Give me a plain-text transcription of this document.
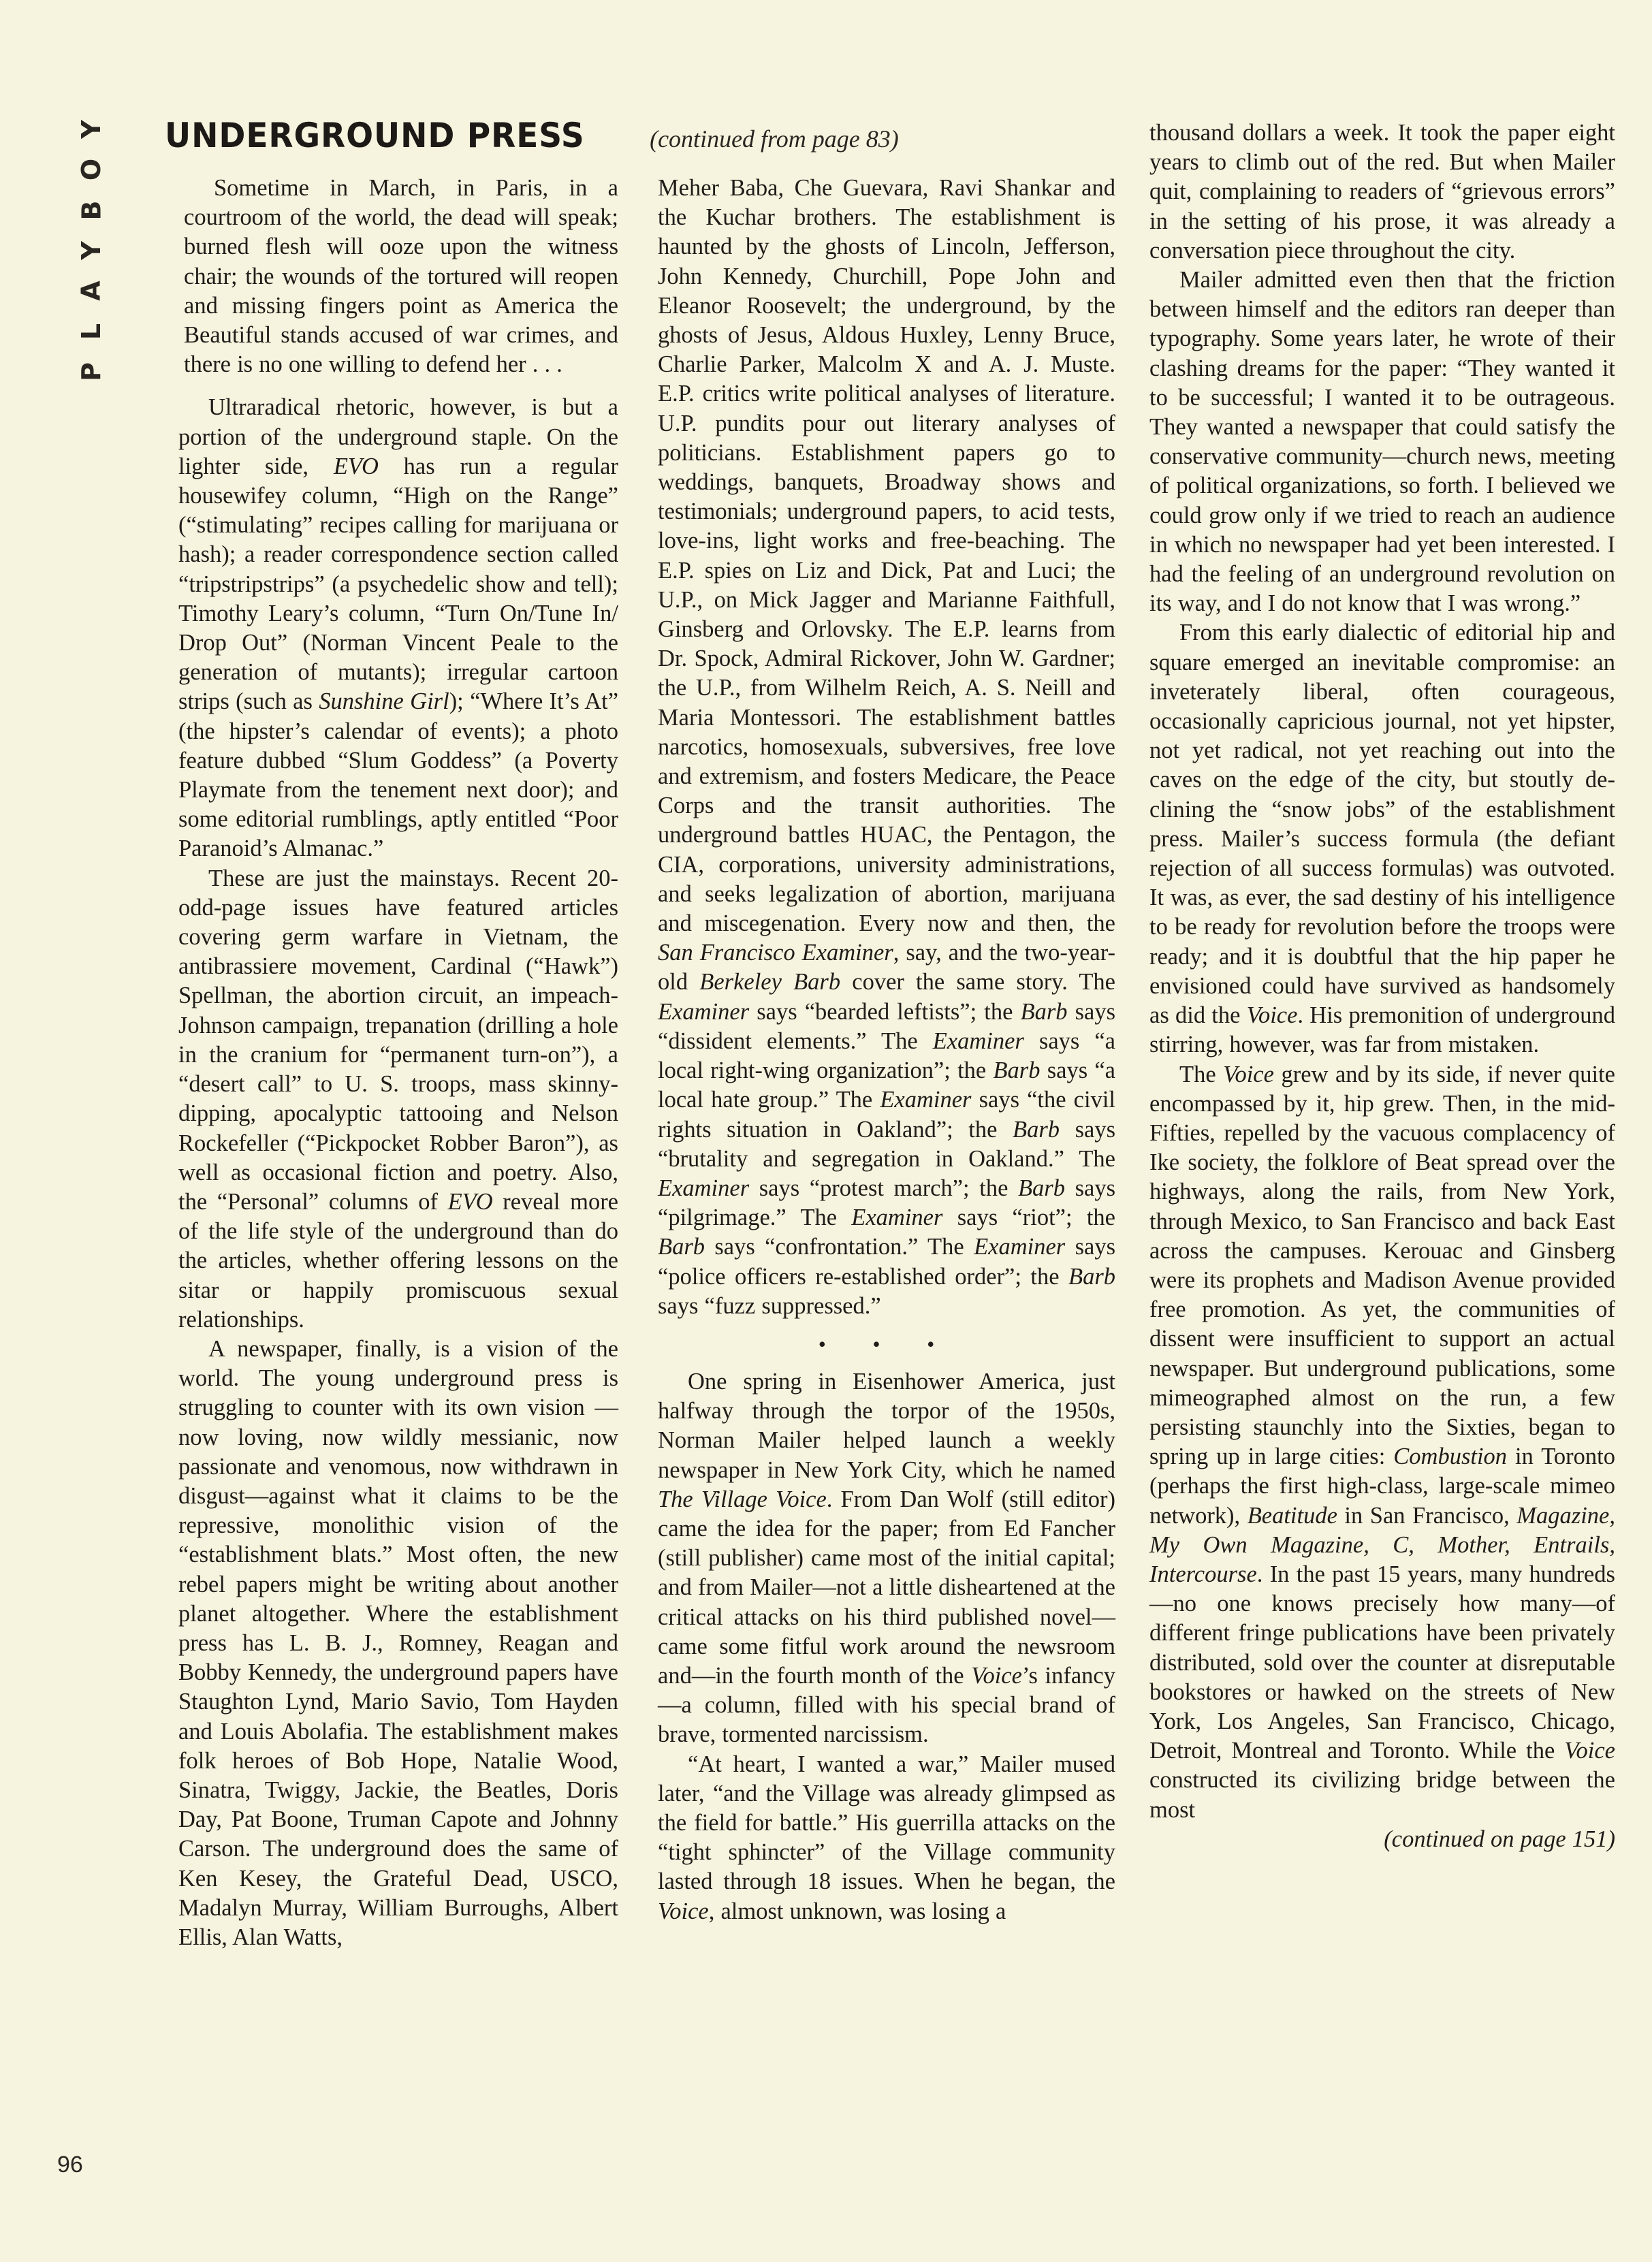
Y
O
B
Y
A
L
P
UNDERGROUND PRESS	(continued from page 83)

Sometime in March, in Paris, in a courtroom of the world, the dead will speak; burned flesh will ooze upon the witness chair; the wounds of the tortured will reopen and missing fingers point as America the Beautiful stands accused of war crimes, and there is no one willing to defend her . . .

Ultraradical rhetoric, however, is but a portion of the underground staple. On the lighter side, EVO has run a regular housewifey column, “High on the Range” (“stimulating” recipes calling for marijuana or hash); a reader correspondence section called “tripstripstrips” (a psychedelic show and tell); Timothy Leary’s column, “Turn On/Tune In/ Drop Out” (Norman Vincent Peale to the generation of mutants); irregular cartoon strips (such as Sunshine Girl); “Where It’s At” (the hipster’s calendar of events); a photo feature dubbed “Slum Goddess” (a Poverty Playmate from the tenement next door); and some editorial rumblings, aptly entitled “Poor Paranoid’s Almanac.”

These are just the mainstays. Recent 20-odd-page issues have featured articles covering germ warfare in Vietnam, the antibrassiere movement, Cardinal (“Hawk”) Spellman, the abortion circuit, an impeach-Johnson campaign, trepanation (drilling a hole in the cranium for “permanent turn-on”), a “desert call” to U. S. troops, mass skinny-dipping, apocalyptic tattooing and Nelson Rockefeller (“Pickpocket Robber Baron”), as well as occasional fiction and poetry. Also, the “Personal” columns of EVO reveal more of the life style of the underground than do the articles, whether offering lessons on the sitar or happily promiscuous sexual relationships.

A newspaper, finally, is a vision of the world. The young underground press is struggling to counter with its own vision —now loving, now wildly messianic, now passionate and venomous, now withdrawn in disgust—against what it claims to be the repressive, monolithic vision of the “establishment blats.” Most often, the new rebel papers might be writing about another planet altogether. Where the establishment press has L. B. J., Romney, Reagan and Bobby Kennedy, the underground papers have Staughton Lynd, Mario Savio, Tom Hayden and Louis Abolafia. The establishment makes folk heroes of Bob Hope, Natalie Wood, Sinatra, Twiggy, Jackie, the Beatles, Doris Day, Pat Boone, Truman Capote and Johnny Carson. The underground does the same of Ken Kesey, the Grateful Dead, USCO, Madalyn Murray, William Burroughs, Albert Ellis, Alan Watts,

Meher Baba, Che Guevara, Ravi Shankar and the Kuchar brothers. The establishment is haunted by the ghosts of Lincoln, Jefferson, John Kennedy, Churchill, Pope John and Eleanor Roosevelt; the underground, by the ghosts of Jesus, Aldous Huxley, Lenny Bruce, Charlie Parker, Malcolm X and A. J. Muste. E.P. critics write political analyses of literature. U.P. pundits pour out literary analyses of politicians. Establishment papers go to weddings, banquets, Broadway shows and testimonials; underground papers, to acid tests, love-ins, light works and free-beaching. The E.P. spies on Liz and Dick, Pat and Luci; the U.P., on Mick Jagger and Marianne Faithfull, Ginsberg and Orlovsky. The E.P. learns from Dr. Spock, Admiral Rickover, John W. Gardner; the U.P., from Wilhelm Reich, A. S. Neill and Maria Montessori. The establishment battles narcotics, homosexuals, subversives, free love and extremism, and fosters Medicare, the Peace Corps and the transit authorities. The underground battles HUAC, the Pentagon, the CIA, corporations, university administrations, and seeks legalization of abortion, marijuana and miscegenation. Every now and then, the San Francisco Examiner, say, and the two-year-old Berkeley Barb cover the same story. The Examiner says “bearded leftists”; the Barb says “dissident elements.” The Examiner says “a local right-wing organization”; the Barb says “a local hate group.” The Examiner says “the civil rights situation in Oakland”; the Barb says “brutality and segregation in Oakland.” The Examiner says “protest march”; the Barb says “pilgrimage.” The Examiner says “riot”; the Barb says “confrontation.” The Examiner says “police officers re-established order”; the Barb says “fuzz suppressed.”

• • •

One spring in Eisenhower America, just halfway through the torpor of the 1950s, Norman Mailer helped launch a weekly newspaper in New York City, which he named The Village Voice. From Dan Wolf (still editor) came the idea for the paper; from Ed Fancher (still publisher) came most of the initial capital; and from Mailer—not a little disheartened at the critical attacks on his third published novel—came some fitful work around the newsroom and—in the fourth month of the Voice’s infancy—a column, filled with his special brand of brave, tormented narcissism.

“At heart, I wanted a war,” Mailer mused later, “and the Village was already glimpsed as the field for battle.” His guerrilla attacks on the “tight sphincter” of the Village community lasted through 18 issues. When he began, the Voice, almost unknown, was losing a

thousand dollars a week. It took the paper eight years to climb out of the red. But when Mailer quit, complaining to readers of “grievous errors” in the setting of his prose, it was already a conversation piece throughout the city.

Mailer admitted even then that the friction between himself and the editors ran deeper than typography. Some years later, he wrote of their clashing dreams for the paper: “They wanted it to be successful; I wanted it to be outrageous. They wanted a newspaper that could satisfy the conservative community—church news, meeting of political organizations, so forth. I believed we could grow only if we tried to reach an audience in which no newspaper had yet been interested. I had the feeling of an underground revolution on its way, and I do not know that I was wrong.”

From this early dialectic of editorial hip and square emerged an inevitable compromise: an inveterately liberal, often courageous, occasionally capricious journal, not yet hipster, not yet radical, not yet reaching out into the caves on the edge of the city, but stoutly declining the “snow jobs” of the establishment press. Mailer’s success formula (the defiant rejection of all success formulas) was outvoted. It was, as ever, the sad destiny of his intelligence to be ready for revolution before the troops were ready; and it is doubtful that the hip paper he envisioned could have survived as handsomely as did the Voice. His premonition of underground stirring, however, was far from mistaken.

The Voice grew and by its side, if never quite encompassed by it, hip grew. Then, in the mid-Fifties, repelled by the vacuous complacency of Ike society, the folklore of Beat spread over the highways, along the rails, from New York, through Mexico, to San Francisco and back East across the campuses. Kerouac and Ginsberg were its prophets and Madison Avenue provided free promotion. As yet, the communities of dissent were insufficient to support an actual newspaper. But underground publications, some mimeographed almost on the run, a few persisting staunchly into the Sixties, began to spring up in large cities: Combustion in Toronto (perhaps the first high-class, large-scale mimeo network), Beatitude in San Francisco, Magazine, My Own Magazine, C, Mother, Entrails, Intercourse. In the past 15 years, many hundreds—no one knows precisely how many—of different fringe publications have been privately distributed, sold over the counter at disreputable bookstores or hawked on the streets of New York, Los Angeles, San Francisco, Chicago, Detroit, Montreal and Toronto. While the Voice constructed its civilizing bridge between the most

(continued on page 151)

96
